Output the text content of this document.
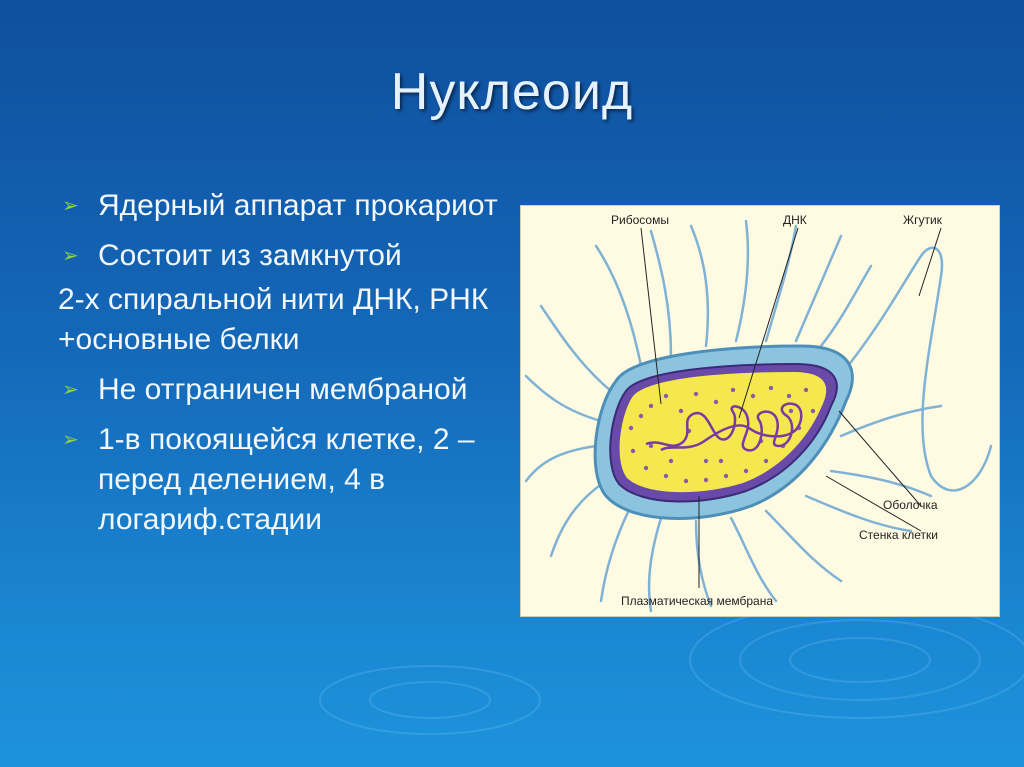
Нуклеоид
➢ Ядерный аппарат прокариот
➢ Состоит из замкнутой
2-х спиральной нити ДНК, РНК +основные белки
➢ Не отграничен мембраной
➢ 1-в покоящейся клетке, 2 – перед делением, 4 в логариф.стадии
Рибосомы	ДНК	Жгутик
Оболочка
Стенка клетки
Плазматическая мембрана
